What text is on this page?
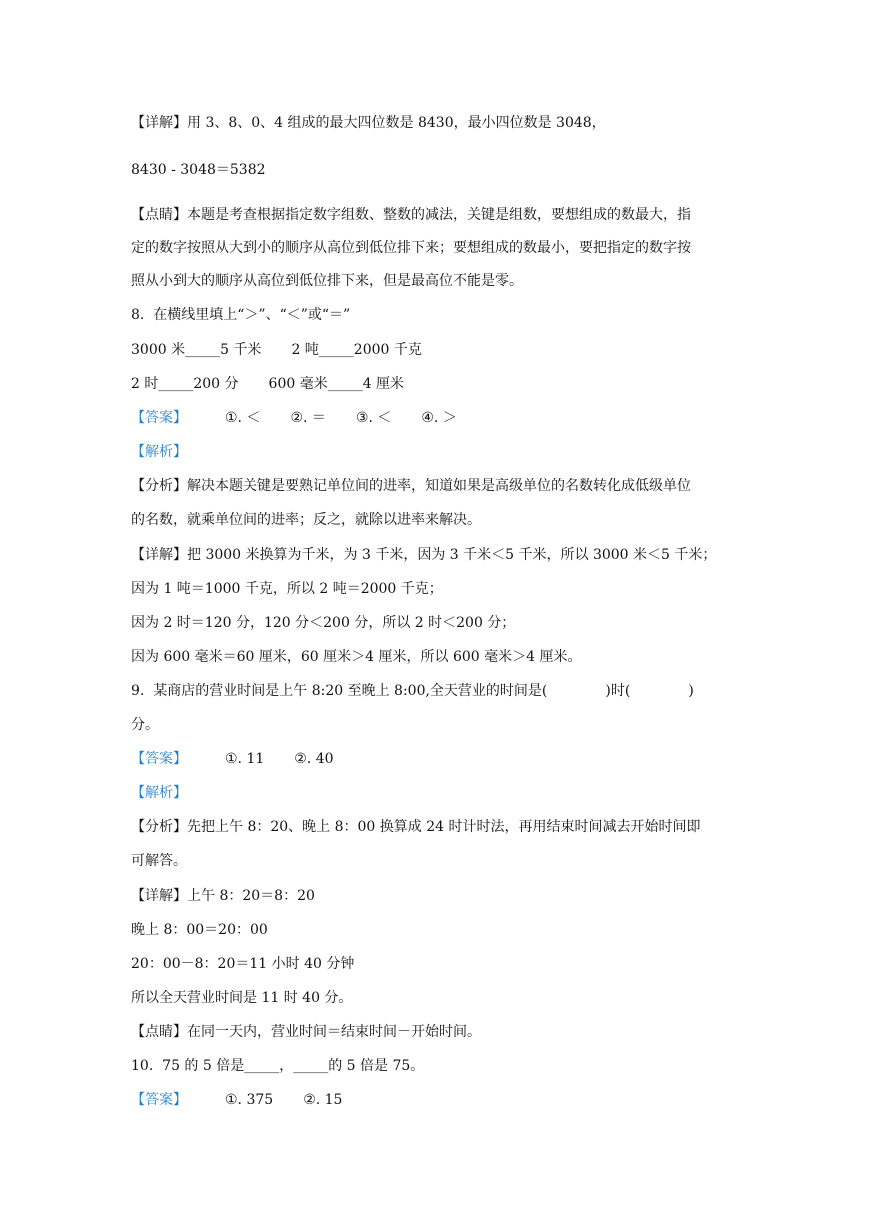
【详解】用 3、8、0、4 组成的最大四位数是 8430，最小四位数是 3048，
8430 - 3048＝5382
【点睛】本题是考查根据指定数字组数、整数的减法，关键是组数，要想组成的数最大，指
定的数字按照从大到小的顺序从高位到低位排下来；要想组成的数最小，要把指定的数字按
照从小到大的顺序从高位到低位排下来，但是最高位不能是零。
8.  在横线里填上“＞”、“＜”或“＝”
3000 米_____5 千米 2 吨_____2000 千克
2 时_____200 分 600 毫米_____4 厘米
【答案】	①. ＜ ②. ＝ ③. ＜ ④. ＞
【解析】
【分析】解决本题关键是要熟记单位间的进率，知道如果是高级单位的名数转化成低级单位
的名数，就乘单位间的进率；反之，就除以进率来解决。
【详解】把 3000 米换算为千米，为 3 千米，因为 3 千米＜5 千米，所以 3000 米＜5 千米；
因为 1 吨＝1000 千克，所以 2 吨＝2000 千克；
因为 2 时＝120 分，120 分＜200 分，所以 2 时＜200 分；
因为 600 毫米＝60 厘米，60 厘米＞4 厘米，所以 600 毫米＞4 厘米。
9.  某商店的营业时间是上午 8:20 至晚上 8:00,全天营业的时间是(	)时(	)
分。
【答案】	①. 11 ②. 40
【解析】
【分析】先把上午 8：20、晚上 8：00 换算成 24 时计时法，再用结束时间减去开始时间即
可解答。
【详解】上午 8：20＝8：20
晚上 8：00＝20：00
20：00－8：20＝11 小时 40 分钟
所以全天营业时间是 11 时 40 分。
【点睛】在同一天内，营业时间＝结束时间－开始时间。
10.  75 的 5 倍是_____，_____的 5 倍是 75。
【答案】	①. 375 ②. 15
